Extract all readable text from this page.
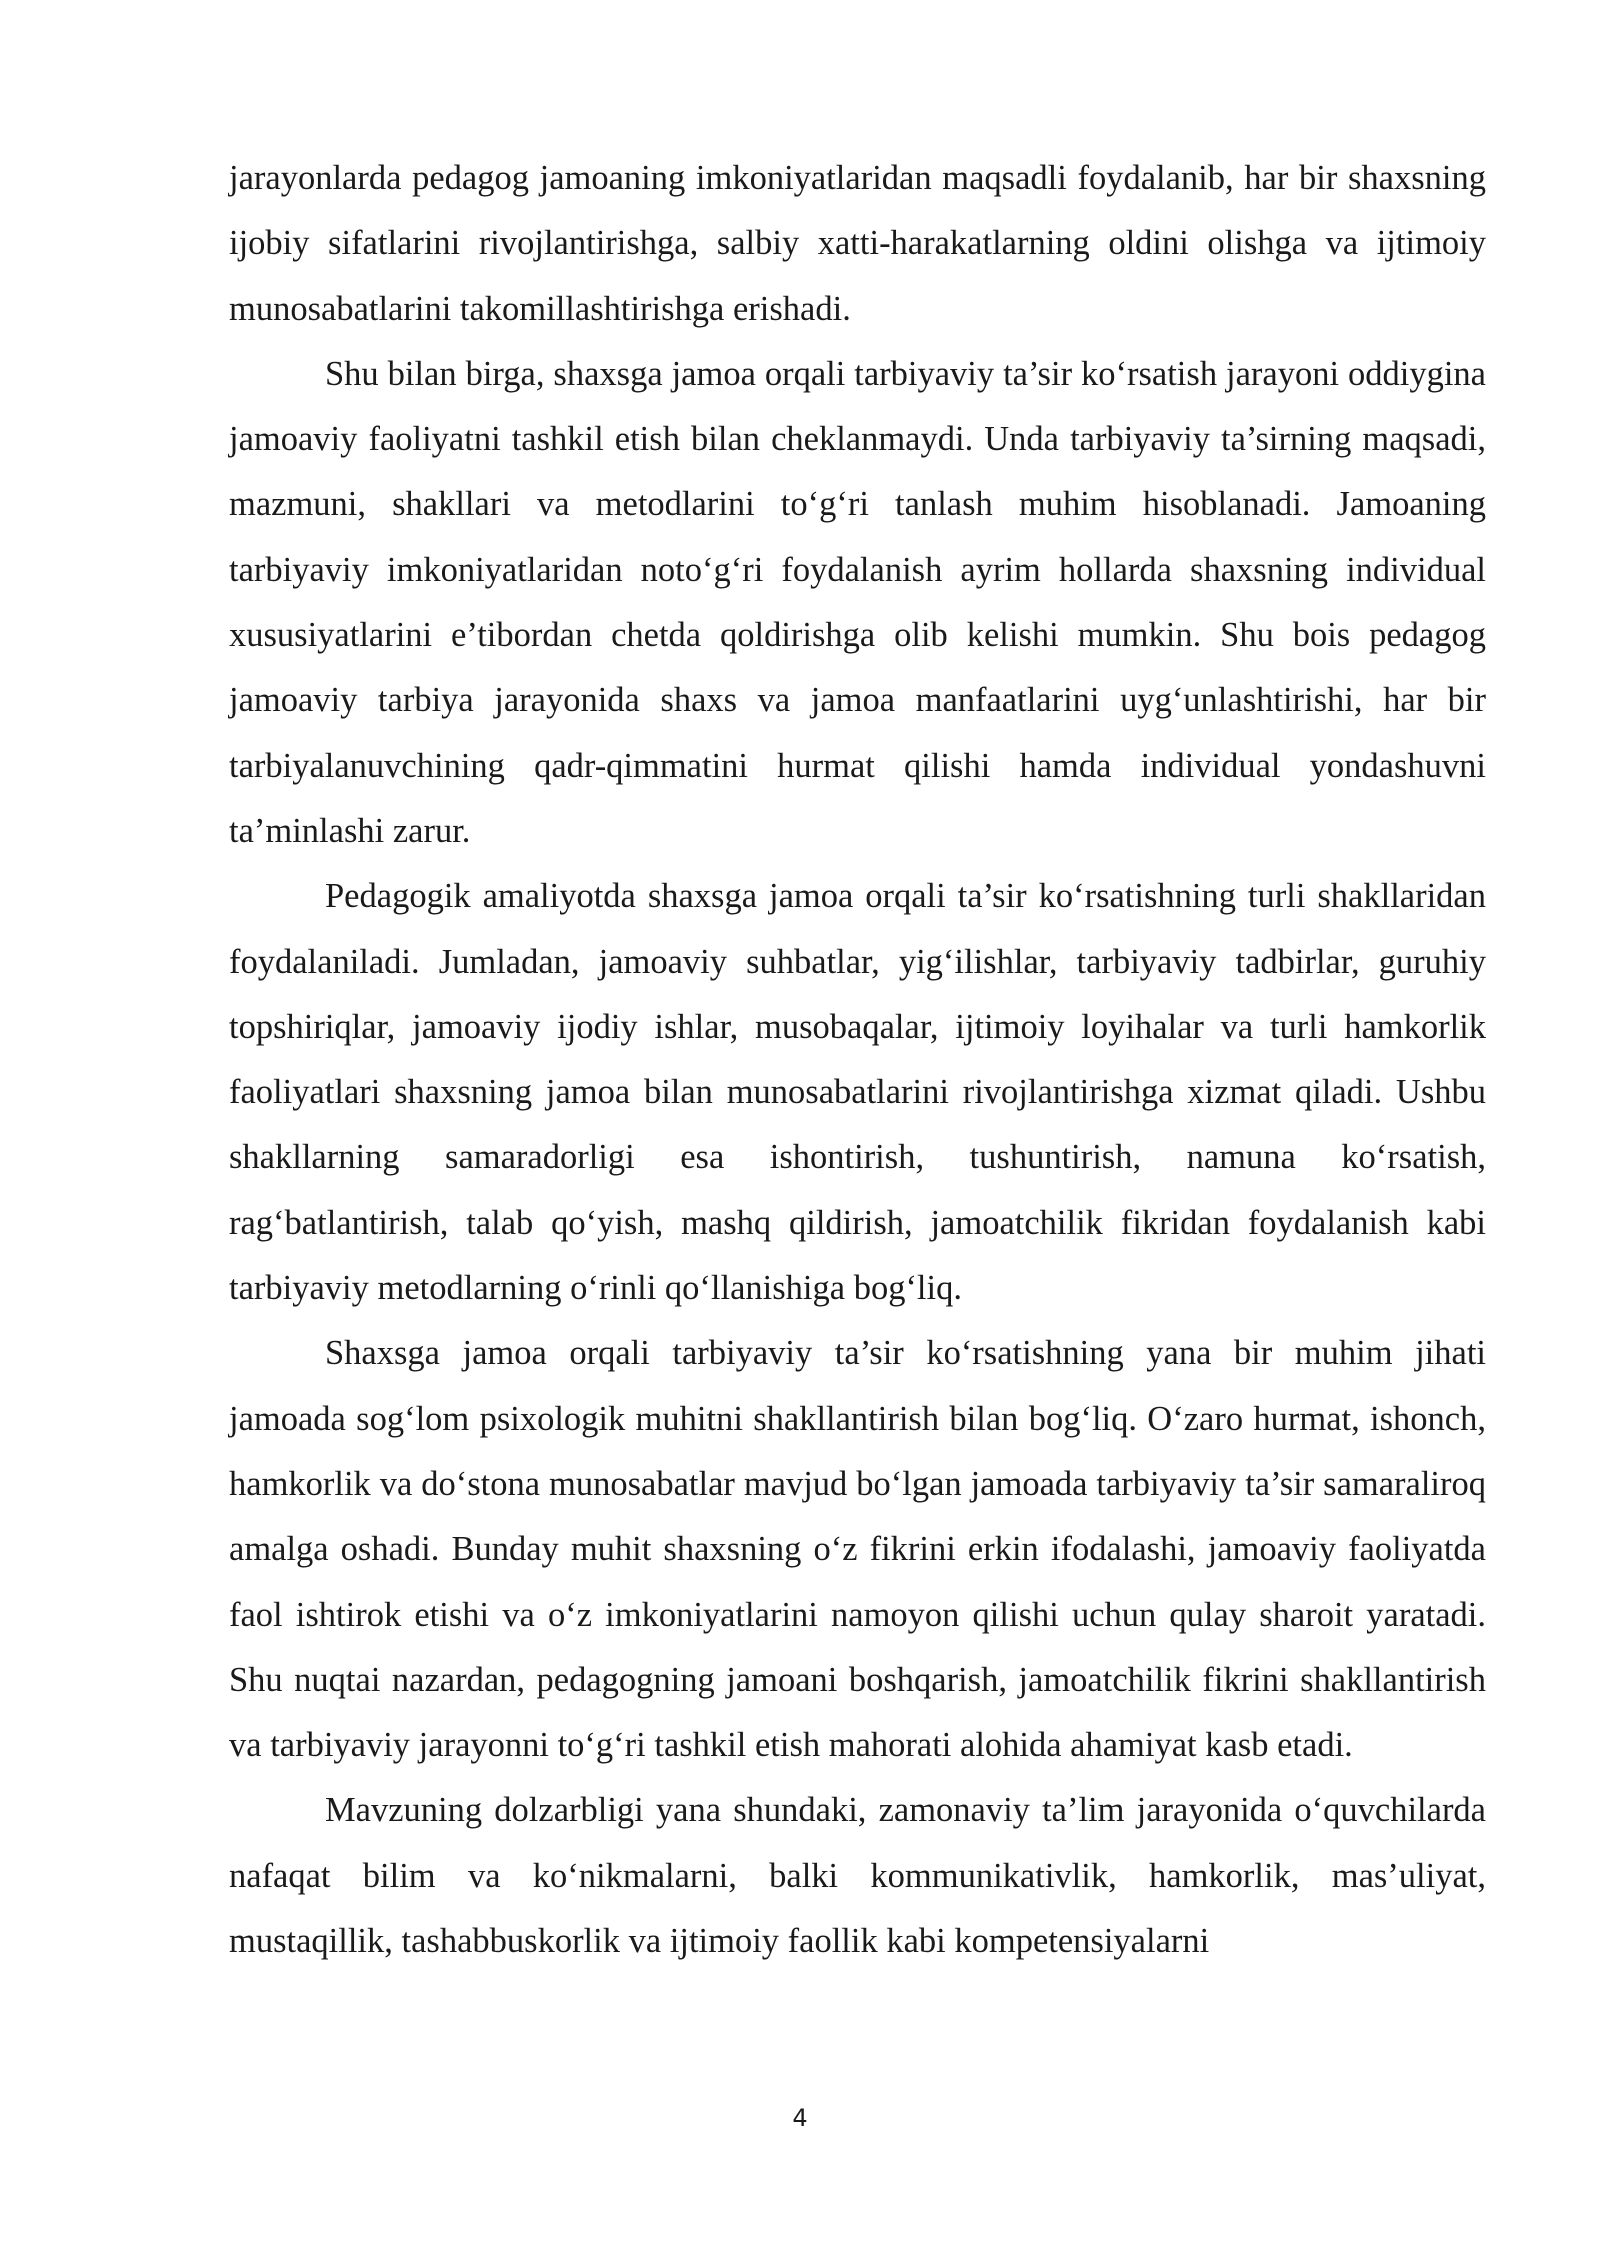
jarayonlarda pedagog jamoaning imkoniyatlaridan maqsadli foydalanib, har bir shaxsning ijobiy sifatlarini rivojlantirishga, salbiy xatti-harakatlarning oldini olishga va ijtimoiy munosabatlarini takomillashtirishga erishadi.

Shu bilan birga, shaxsga jamoa orqali tarbiyaviy ta’sir ko‘rsatish jarayoni oddiygina jamoaviy faoliyatni tashkil etish bilan cheklanmaydi. Unda tarbiyaviy ta’sirning maqsadi, mazmuni, shakllari va metodlarini to‘g‘ri tanlash muhim hisoblanadi. Jamoaning tarbiyaviy imkoniyatlaridan noto‘g‘ri foydalanish ayrim hollarda shaxsning individual xususiyatlarini e’tibordan chetda qoldirishga olib kelishi mumkin. Shu bois pedagog jamoaviy tarbiya jarayonida shaxs va jamoa manfaatlarini uyg‘unlashtirishi, har bir tarbiyalanuvchining qadr-qimmatini hurmat qilishi hamda individual yondashuvni ta’minlashi zarur.

Pedagogik amaliyotda shaxsga jamoa orqali ta’sir ko‘rsatishning turli shakllaridan foydalaniladi. Jumladan, jamoaviy suhbatlar, yig‘ilishlar, tarbiyaviy tadbirlar, guruhiy topshiriqlar, jamoaviy ijodiy ishlar, musobaqalar, ijtimoiy loyihalar va turli hamkorlik faoliyatlari shaxsning jamoa bilan munosabatlarini rivojlantirishga xizmat qiladi. Ushbu shakllarning samaradorligi esa ishontirish, tushuntirish, namuna ko‘rsatish, rag‘batlantirish, talab qo‘yish, mashq qildirish, jamoatchilik fikridan foydalanish kabi tarbiyaviy metodlarning o‘rinli qo‘llanishiga bog‘liq.

Shaxsga jamoa orqali tarbiyaviy ta’sir ko‘rsatishning yana bir muhim jihati jamoada sog‘lom psixologik muhitni shakllantirish bilan bog‘liq. O‘zaro hurmat, ishonch, hamkorlik va do‘stona munosabatlar mavjud bo‘lgan jamoada tarbiyaviy ta’sir samaraliroq amalga oshadi. Bunday muhit shaxsning o‘z fikrini erkin ifodalashi, jamoaviy faoliyatda faol ishtirok etishi va o‘z imkoniyatlarini namoyon qilishi uchun qulay sharoit yaratadi. Shu nuqtai nazardan, pedagogning jamoani boshqarish, jamoatchilik fikrini shakllantirish va tarbiyaviy jarayonni to‘g‘ri tashkil etish mahorati alohida ahamiyat kasb etadi.

Mavzuning dolzarbligi yana shundaki, zamonaviy ta’lim jarayonida o‘quvchilarda nafaqat bilim va ko‘nikmalarni, balki kommunikativlik, hamkorlik, mas’uliyat, mustaqillik, tashabbuskorlik va ijtimoiy faollik kabi kompetensiyalarni

4
